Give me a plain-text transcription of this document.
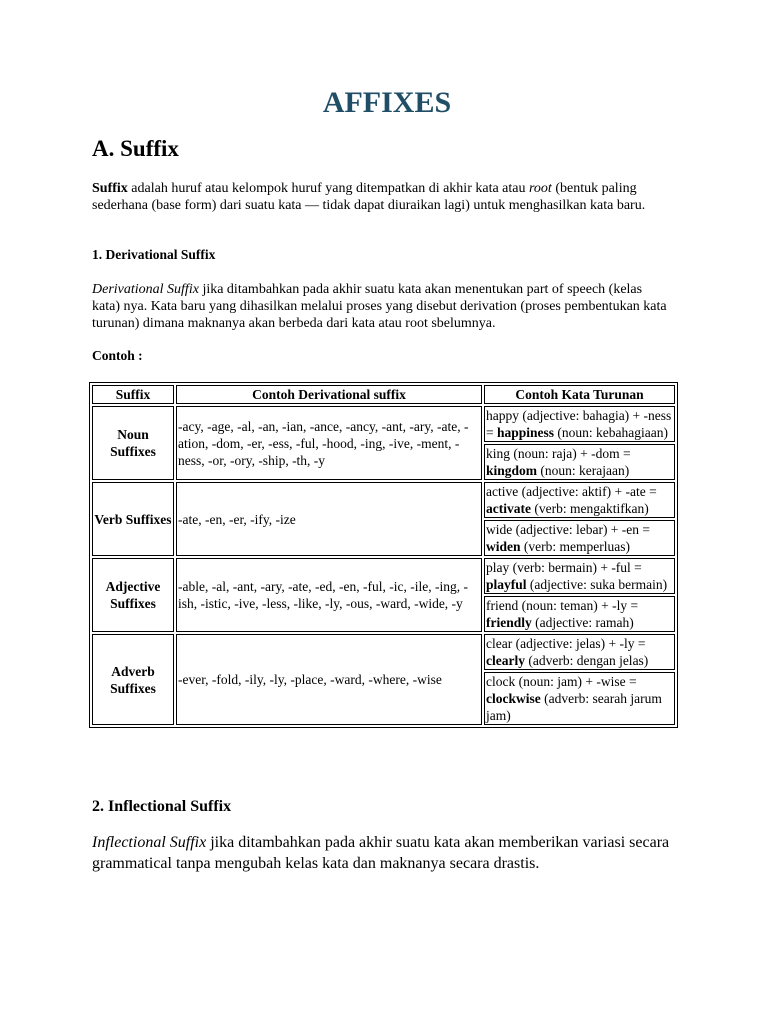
AFFIXES
A. Suffix

Suffix adalah huruf atau kelompok huruf yang ditempatkan di akhir kata atau root (bentuk paling sederhana (base form) dari suatu kata — tidak dapat diuraikan lagi) untuk menghasilkan kata baru.

1. Derivational Suffix

Derivational Suffix jika ditambahkan pada akhir suatu kata akan menentukan part of speech (kelas kata) nya. Kata baru yang dihasilkan melalui proses yang disebut derivation (proses pembentukan kata turunan) dimana maknanya akan berbeda dari kata atau root sbelumnya.

Contoh :
Suffix	Contoh Derivational suffix	Contoh Kata Turunan
Noun Suffixes	-acy, -age, -al, -an, -ian, -ance, -ancy, -ant, -ary, -ate, -ation, -dom, -er, -ess, -ful, -hood, -ing, -ive, -ment, -ness, -or, -ory, -ship, -th, -y	happy (adjective: bahagia) + -ness = happiness (noun: kebahagiaan)
		king (noun: raja) + -dom = kingdom (noun: kerajaan)
Verb Suffixes	-ate, -en, -er, -ify, -ize	active (adjective: aktif) + -ate = activate (verb: mengaktifkan)
		wide (adjective: lebar) + -en = widen (verb: memperluas)
Adjective Suffixes	-able, -al, -ant, -ary, -ate, -ed, -en, -ful, -ic, -ile, -ing, -ish, -istic, -ive, -less, -like, -ly, -ous, -ward, -wide, -y	play (verb: bermain) + -ful = playful (adjective: suka bermain)
		friend (noun: teman) + -ly = friendly (adjective: ramah)
Adverb Suffixes	-ever, -fold, -ily, -ly, -place, -ward, -where, -wise	clear (adjective: jelas) + -ly = clearly (adverb: dengan jelas)
		clock (noun: jam) + -wise = clockwise (adverb: searah jarum jam)
2. Inflectional Suffix

Inflectional Suffix jika ditambahkan pada akhir suatu kata akan memberikan variasi secara grammatical tanpa mengubah kelas kata dan maknanya secara drastis.
